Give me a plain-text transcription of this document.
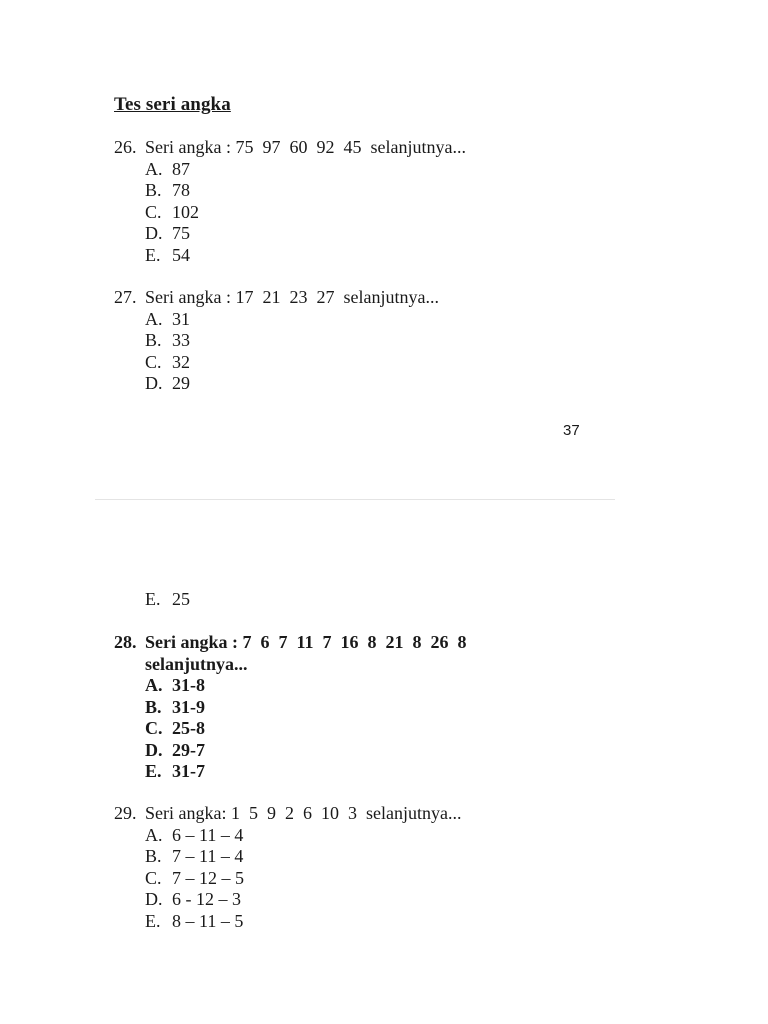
Tes seri angka
26. Seri angka : 75  97  60  92  45  selanjutnya...
A. 87
B. 78
C. 102
D. 75
E. 54
27. Seri angka : 17  21  23  27  selanjutnya...
A. 31
B. 33
C. 32
D. 29
37
E. 25
28. Seri angka : 7  6  7  11  7  16  8  21  8  26  8
selanjutnya...
A. 31-8
B. 31-9
C. 25-8
D. 29-7
E. 31-7
29. Seri angka: 1  5  9  2  6  10  3  selanjutnya...
A. 6 – 11 – 4
B. 7 – 11 – 4
C. 7 – 12 – 5
D. 6 - 12 – 3
E. 8 – 11 – 5
